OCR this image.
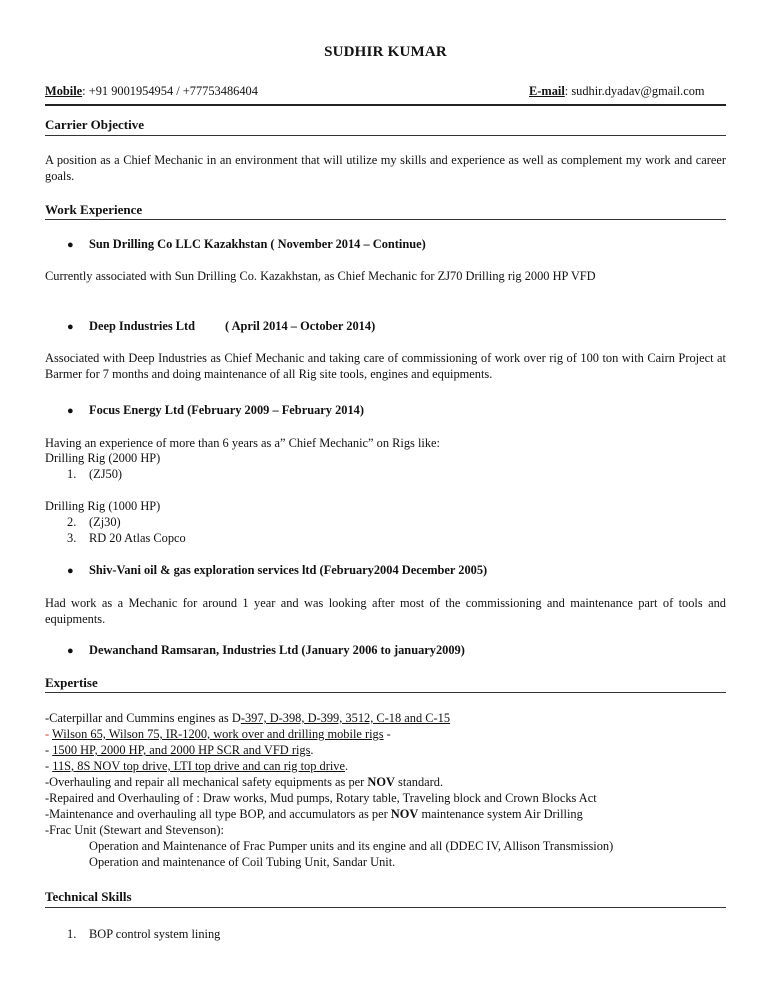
SUDHIR KUMAR
Mobile: +91 9001954954 / +77753486404	E-mail: sudhir.dyadav@gmail.com
Carrier Objective
A position as a Chief Mechanic in an environment that will utilize my skills and experience as well as complement my work and career goals.
Work Experience
● Sun Drilling Co LLC Kazakhstan ( November 2014 – Continue)
Currently associated with Sun Drilling Co. Kazakhstan, as Chief Mechanic for ZJ70 Drilling rig 2000 HP VFD
● Deep Industries Ltd ( April 2014 – October 2014)
Associated with Deep Industries as Chief Mechanic and taking care of commissioning of work over rig of 100 ton with Cairn Project at Barmer for 7 months and doing maintenance of all Rig site tools, engines and equipments.
● Focus Energy Ltd (February 2009 – February 2014)
Having an experience of more than 6 years as a” Chief Mechanic” on Rigs like:
Drilling Rig (2000 HP)
1. (ZJ50)
Drilling Rig (1000 HP)
2. (Zj30)
3. RD 20 Atlas Copco
● Shiv-Vani oil & gas exploration services ltd (February2004 December 2005)
Had work as a Mechanic for around 1 year and was looking after most of the commissioning and maintenance part of tools and equipments.
● Dewanchand Ramsaran, Industries Ltd (January 2006 to january2009)
Expertise
-Caterpillar and Cummins engines as D-397, D-398, D-399, 3512, C-18 and C-15
- Wilson 65, Wilson 75, IR-1200, work over and drilling mobile rigs -
- 1500 HP, 2000 HP, and 2000 HP SCR and VFD rigs.
- 11S, 8S NOV top drive, LTI top drive and can rig top drive.
-Overhauling and repair all mechanical safety equipments as per NOV standard.
-Repaired and Overhauling of : Draw works, Mud pumps, Rotary table, Traveling block and Crown Blocks Act
-Maintenance and overhauling all type BOP, and accumulators as per NOV maintenance system Air Drilling
-Frac Unit (Stewart and Stevenson):
Operation and Maintenance of Frac Pumper units and its engine and all (DDEC IV, Allison Transmission)
Operation and maintenance of Coil Tubing Unit, Sandar Unit.
Technical Skills
1. BOP control system lining
